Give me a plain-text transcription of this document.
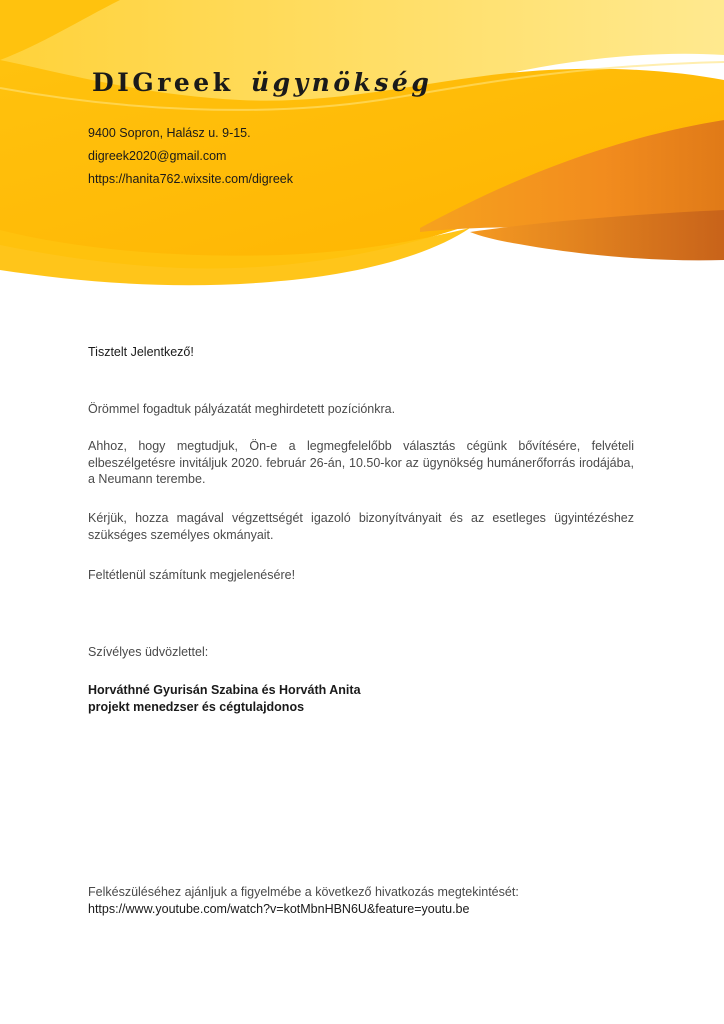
DIGreek ügynökség
9400 Sopron, Halász u. 9-15.
digreek2020@gmail.com
https://hanita762.wixsite.com/digreek
Tisztelt Jelentkező!
Örömmel fogadtuk pályázatát meghirdetett pozíciónkra.
Ahhoz, hogy megtudjuk, Ön-e a legmegfelelőbb választás cégünk bővítésére, felvételi elbeszélgetésre invitáljuk 2020. február 26-án, 10.50-kor az ügynökség humánerőforrás irodájába, a Neumann terembe.
Kérjük, hozza magával végzettségét igazoló bizonyítványait és az esetleges ügyintézéshez szükséges személyes okmányait.
Feltétlenül számítunk megjelenésére!
Szívélyes üdvözlettel:
Horváthné Gyurisán Szabina és Horváth Anita
projekt menedzser és cégtulajdonos
Felkészüléséhez ajánljuk a figyelmébe a következő hivatkozás megtekintését:
https://www.youtube.com/watch?v=kotMbnHBN6U&feature=youtu.be
